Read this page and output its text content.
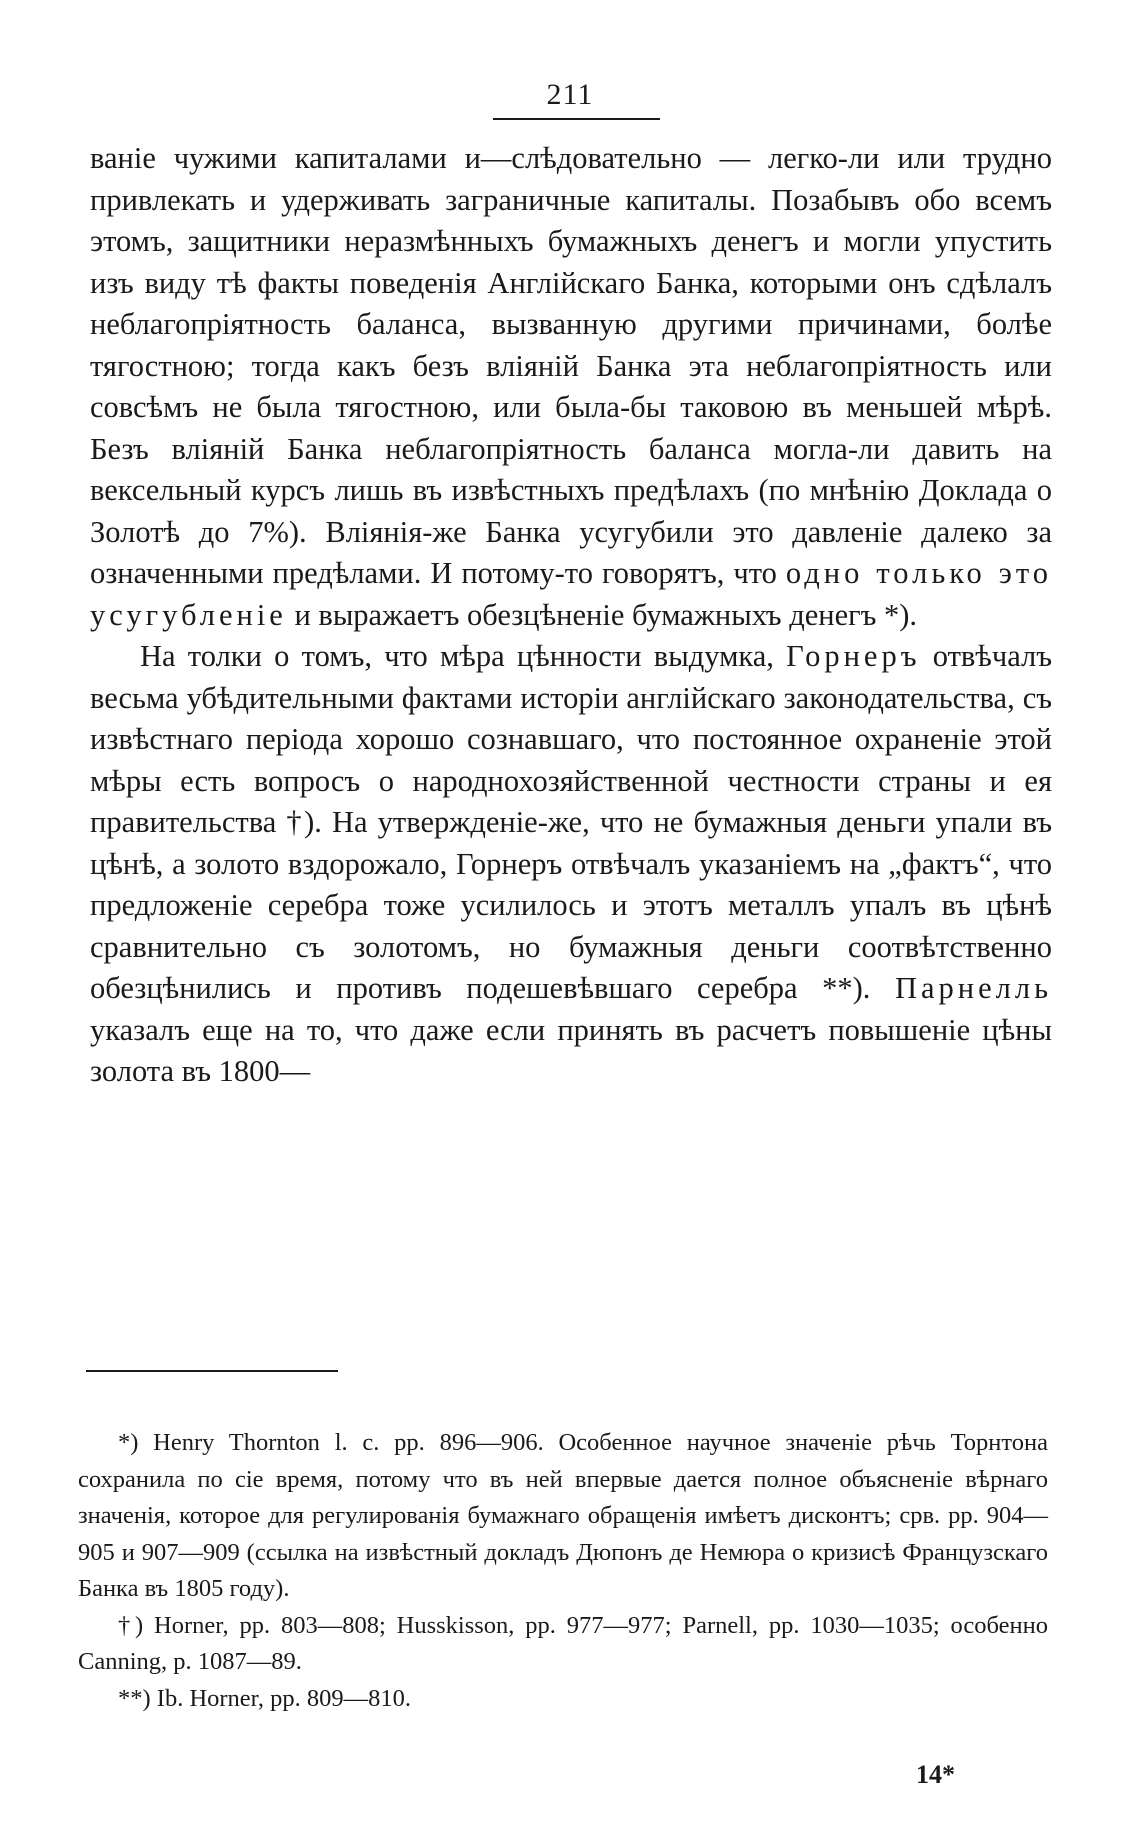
211

ваніе чужими капиталами и—слѣдовательно — легко-ли или трудно привлекать и удерживать заграничные капиталы. Позабывъ обо всемъ этомъ, защитники неразмѣнныхъ бумажныхъ денегъ и могли упустить изъ виду тѣ факты поведенія Англійскаго Банка, которыми онъ сдѣлалъ неблагопріятность баланса, вызванную другими причинами, болѣе тягостною; тогда какъ безъ вліяній Банка эта неблагопріятность или совсѣмъ не была тягостною, или была-бы таковою въ меньшей мѣрѣ. Безъ вліяній Банка неблагопріятность баланса могла-ли давить на вексельный курсъ лишь въ извѣстныхъ предѣлахъ (по мнѣнію Доклада о Золотѣ до 7%). Вліянія-же Банка усугубили это давленіе далеко за означенными предѣлами. И потому-то говорятъ, что одно только это усугубленіе и выражаетъ обезцѣненіе бумажныхъ денегъ *).

На толки о томъ, что мѣра цѣнности выдумка, Горнеръ отвѣчалъ весьма убѣдительными фактами исторіи англійскаго законодательства, съ извѣстнаго періода хорошо сознавшаго, что постоянное охраненіе этой мѣры есть вопросъ о народнохозяйственной честности страны и ея правительства †). На утвержденіе-же, что не бумажныя деньги упали въ цѣнѣ, а золото вздорожало, Горнеръ отвѣчалъ указаніемъ на „фактъ“, что предложеніе серебра тоже усилилось и этотъ металлъ упалъ въ цѣнѣ сравнительно съ золотомъ, но бумажныя деньги соотвѣтственно обезцѣнились и противъ подешевѣвшаго серебра **). Парнелль указалъ еще на то, что даже если принять въ расчетъ повышеніе цѣны золота въ 1800—

*) Henry Thornton l. c. pp. 896—906. Особенное научное значеніе рѣчь Торнтона сохранила по сіе время, потому что въ ней впервые дается полное объясненіе вѣрнаго значенія, которое для регулированія бумажнаго обращенія имѣетъ дисконтъ; срв. pp. 904—905 и 907—909 (ссылка на извѣстный докладъ Дюпонъ де Немюра о кризисѣ Французскаго Банка въ 1805 году).

†) Horner, pp. 803—808; Husskisson, pp. 977—977; Parnell, pp. 1030—1035; особенно Canning, p. 1087—89.

**) Ib. Horner, pp. 809—810.

14*
